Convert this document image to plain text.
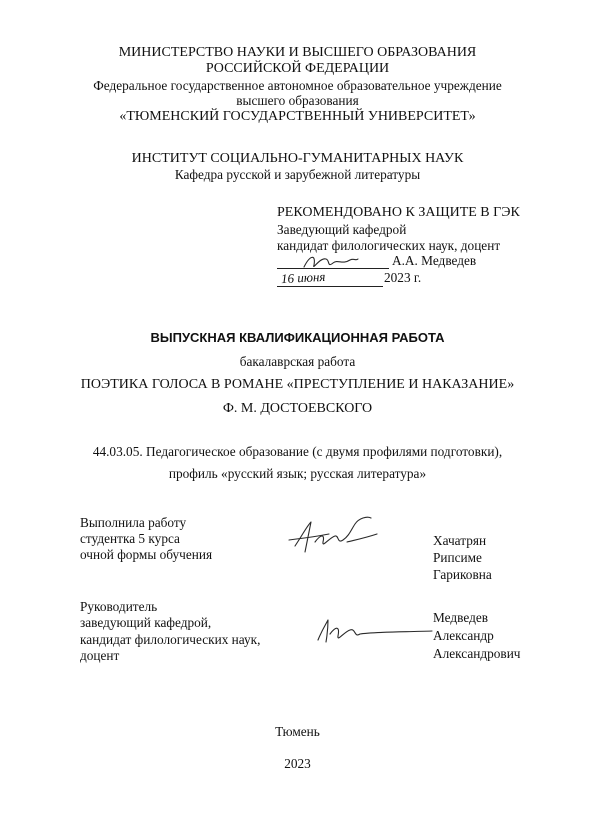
МИНИСТЕРСТВО НАУКИ И ВЫСШЕГО ОБРАЗОВАНИЯ
РОССИЙСКОЙ ФЕДЕРАЦИИ
Федеральное государственное автономное образовательное учреждение
высшего образования
«ТЮМЕНСКИЙ ГОСУДАРСТВЕННЫЙ УНИВЕРСИТЕТ»
ИНСТИТУТ СОЦИАЛЬНО-ГУМАНИТАРНЫХ НАУК
Кафедра русской и зарубежной литературы
РЕКОМЕНДОВАНО К ЗАЩИТЕ В ГЭК
Заведующий кафедрой
кандидат филологических наук, доцент
А.А. Медведев
16 июня	2023 г.
ВЫПУСКНАЯ КВАЛИФИКАЦИОННАЯ РАБОТА
бакалаврская работа
ПОЭТИКА ГОЛОСА В РОМАНЕ «ПРЕСТУПЛЕНИЕ И НАКАЗАНИЕ»
Ф. М. ДОСТОЕВСКОГО
44.03.05. Педагогическое образование (с двумя профилями подготовки),
профиль «русский язык; русская литература»
Выполнила работу
студентка 5 курса
очной формы обучения
Хачатрян
Рипсиме
Гариковна
Руководитель
заведующий кафедрой,
кандидат филологических наук,
доцент
Медведев
Александр
Александрович
Тюмень
2023
